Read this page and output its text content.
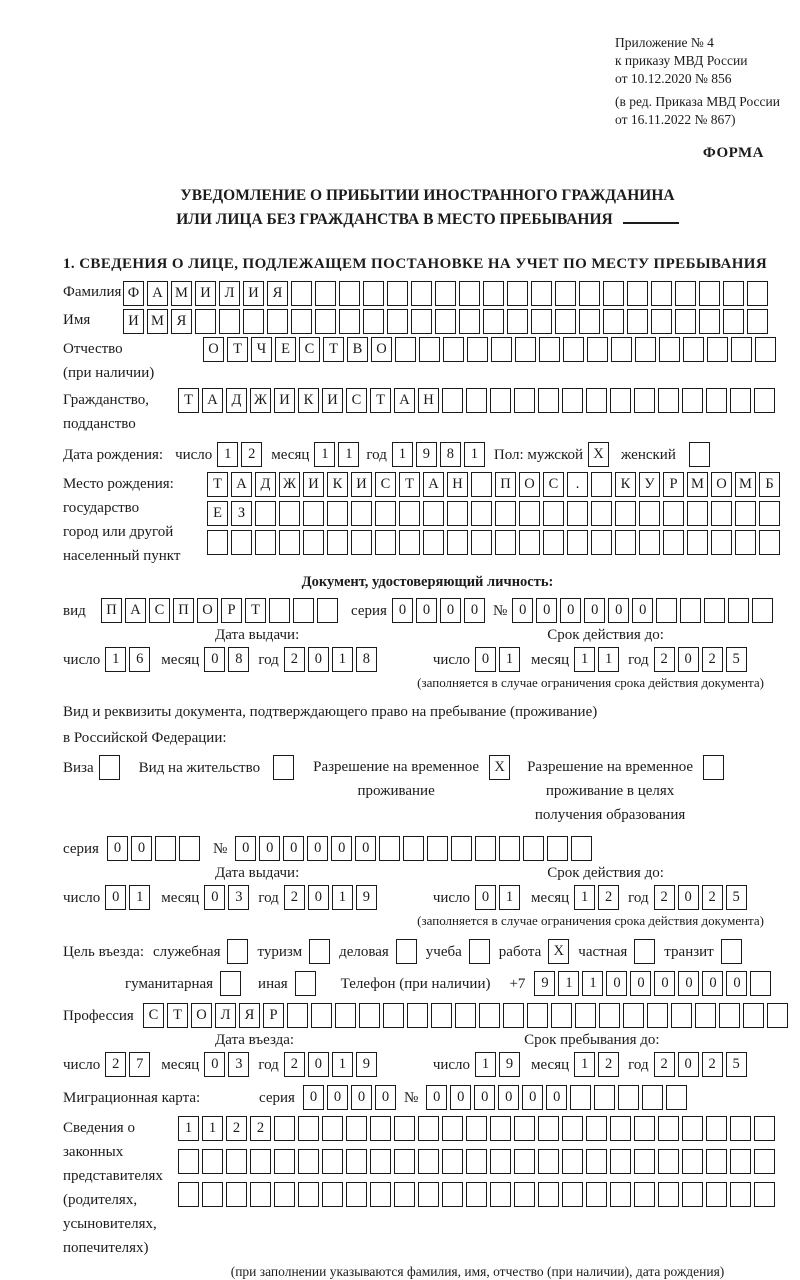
Приложение № 4
к приказу МВД России
от 10.12.2020 № 856
(в ред. Приказа МВД России
от 16.11.2022 № 867)
ФОРМА
УВЕДОМЛЕНИЕ О ПРИБЫТИИ ИНОСТРАННОГО ГРАЖДАНИНА
ИЛИ ЛИЦА БЕЗ ГРАЖДАНСТВА В МЕСТО ПРЕБЫВАНИЯ
1. СВЕДЕНИЯ О ЛИЦЕ, ПОДЛЕЖАЩЕМ ПОСТАНОВКЕ НА УЧЕТ ПО МЕСТУ ПРЕБЫВАНИЯ
Фамилия Ф А М И Л И Я
Имя	И М Я
Отчество
(при наличии)
О Т	Ч	Е	С	Т	В О
Гражданство,
подданство
Т А Д Ж И К И С	Т А Н
Дата рождения: число 1	2	месяц 1	1 год 1	9	8	1	Пол: мужской X	женский
Место рождения:
государство
город или другой
населенный пункт
Т А Д Ж И К И С	Т А Н	П О С	.	К У	Р М О М Б

Е	З

Документ, удостоверяющий личность:
вид	П А С П О	Р	Т	серия 0	0	0	0 № 0	0	0	0	0	0
Дата выдачи:	Срок действия до:
число 1	6	месяц 0	8	год 2	0	1	8	число 0	1	месяц 1	1	год 2	0	2	5
(заполняется в случае ограничения срока действия документа)
Вид и реквизиты документа, подтверждающего право на пребывание (проживание)
в Российской Федерации:
Виза	Вид на жительство	Разрешение на временное
проживание
X	Разрешение на временное
проживание в целях
получения образования
серия	0	0	№	0	0	0	0	0	0
Дата выдачи:	Срок действия до:
число 0	1	месяц 0	3	год 2	0	1	9	число 0	1	месяц 1	2	год 2	0	2	5
(заполняется в случае ограничения срока действия документа)
Цель въезда: служебная туризм деловая учеба работа X частная транзит
гуманитарная	иная	Телефон (при наличии) +7	9	1	1	0	0	0	0	0	0
Профессия	С	Т О Л Я	Р
Дата въезда:	Срок пребывания до:
число 2	7	месяц 0	3	год 2	0	1	9	число 1	9	месяц 1	2	год 2	0	2	5
Миграционная карта:	серия	0	0	0	0 №	0	0	0	0	0	0
Сведения о
законных
представителях
(родителях,
усыновителях,
попечителях)
1	1	2	2

(при заполнении указываются фамилия, имя, отчество (при наличии), дата рождения)
